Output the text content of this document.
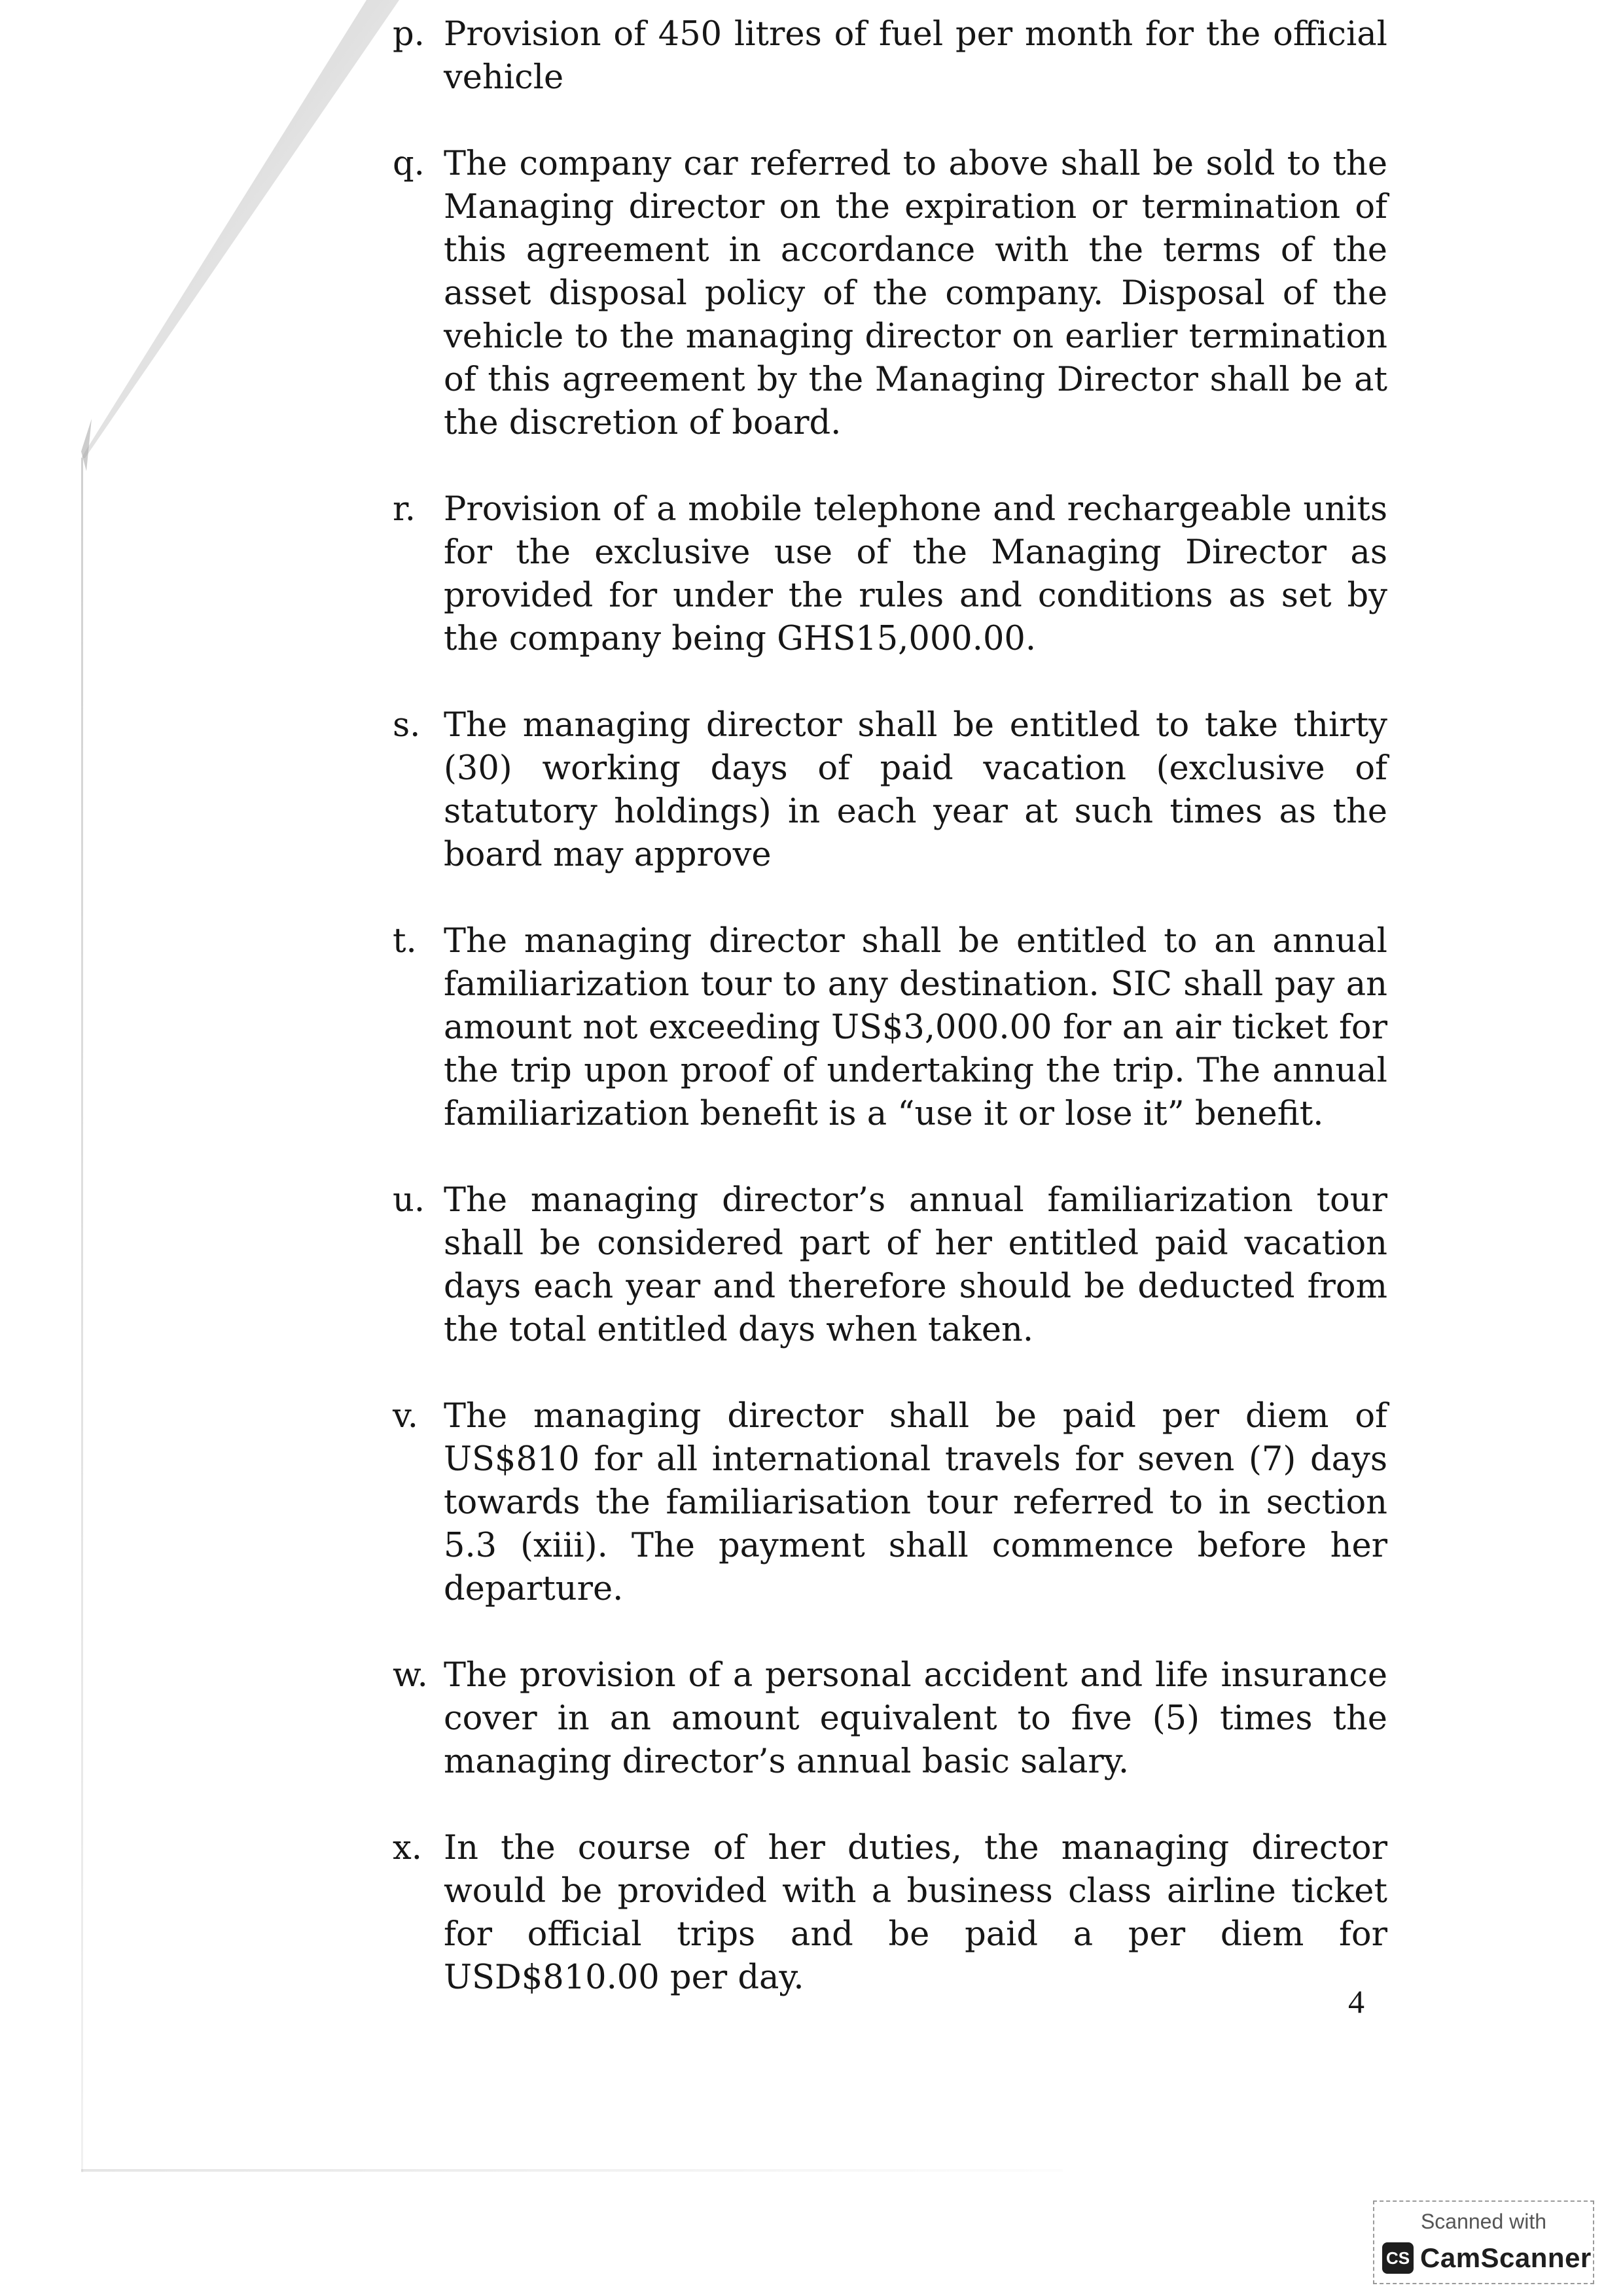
p. Provision of 450 litres of fuel per month for the official vehicle
q. The company car referred to above shall be sold to the Managing director on the expiration or termination of this agreement in accordance with the terms of the asset disposal policy of the company. Disposal of the vehicle to the managing director on earlier termination of this agreement by the Managing Director shall be at the discretion of board.
r. Provision of a mobile telephone and rechargeable units for the exclusive use of the Managing Director as provided for under the rules and conditions as set by the company being GHS15,000.00.
s. The managing director shall be entitled to take thirty (30) working days of paid vacation (exclusive of statutory holdings) in each year at such times as the board may approve
t. The managing director shall be entitled to an annual familiarization tour to any destination. SIC shall pay an amount not exceeding US$3,000.00 for an air ticket for the trip upon proof of undertaking the trip. The annual familiarization benefit is a “use it or lose it” benefit.
u. The managing director’s annual familiarization tour shall be considered part of her entitled paid vacation days each year and therefore should be deducted from the total entitled days when taken.
v. The managing director shall be paid per diem of US$810 for all international travels for seven (7) days towards the familiarisation tour referred to in section 5.3 (xiii). The payment shall commence before her departure.
w. The provision of a personal accident and life insurance cover in an amount equivalent to five (5) times the managing director’s annual basic salary.
x. In the course of her duties, the managing director would be provided with a business class airline ticket for official trips and be paid a per diem for USD$810.00 per day.
4
Scanned with
CS CamScanner
